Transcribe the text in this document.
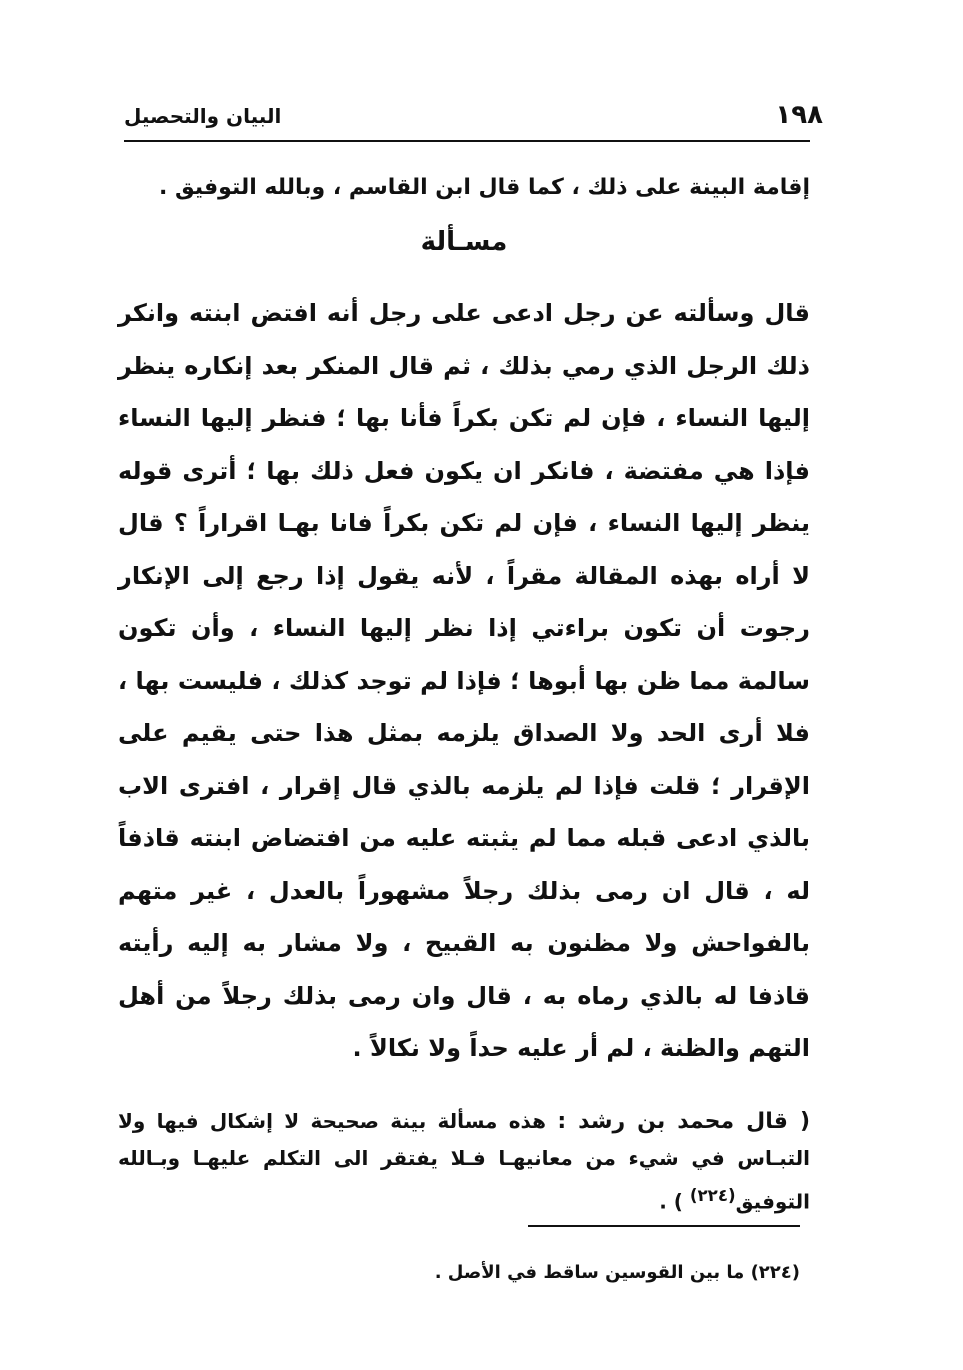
١٩٨
البيان والتحصيل

إقامة البينة على ذلك ، كما قال ابن القاسم ، وبالله التوفيق .

مسـألة

قال وسألته عن رجل ادعى على رجل أنه افتض ابنته وانكر ذلك الرجل الذي رمي بذلك ، ثم قال المنكر بعد إنكاره ينظر إليها النساء ، فإن لم تكن بكراً فأنا بها ؛ فنظر إليها النساء فإذا هي مفتضة ، فانكر ان يكون فعل ذلك بها ؛ أترى قوله ينظر إليها النساء ، فإن لم تكن بكراً فانا بهـا اقراراً ؟ قال لا أراه بهذه المقالة مقراً ، لأنه يقول إذا رجع إلى الإنكار رجوت أن تكون براءتي إذا نظر إليها النساء ، وأن تكون سالمة مما ظن بها أبوها ؛ فإذا لم توجد كذلك ، فليست بها ، فلا أرى الحد ولا الصداق يلزمه بمثل هذا حتى يقيم على الإقرار ؛ قلت فإذا لم يلزمه بالذي قال إقرار ، افترى الاب بالذي ادعى قبله مما لم يثبته عليه من افتضاض ابنته قاذفاً له ، قال ان رمى بذلك رجلاً مشهوراً بالعدل ، غير متهم بالفواحش ولا مظنون به القبيح ، ولا مشار به إليه رأيته قاذفا له بالذي رماه به ، قال وان رمى بذلك رجلاً من أهل التهم والظنة ، لم أر عليه حداً ولا نكالاً .

( قال محمد بن رشد : هذه مسألة بينة صحيحة لا إشكال فيها ولا التبـاس في شيء من معانيهـا فـلا يفتقر الى التكلم عليهـا وبـالله التوفيق$^{(٢٢٤)}$ ) .

(٢٢٤) ما بين القوسين ساقط في الأصل .
